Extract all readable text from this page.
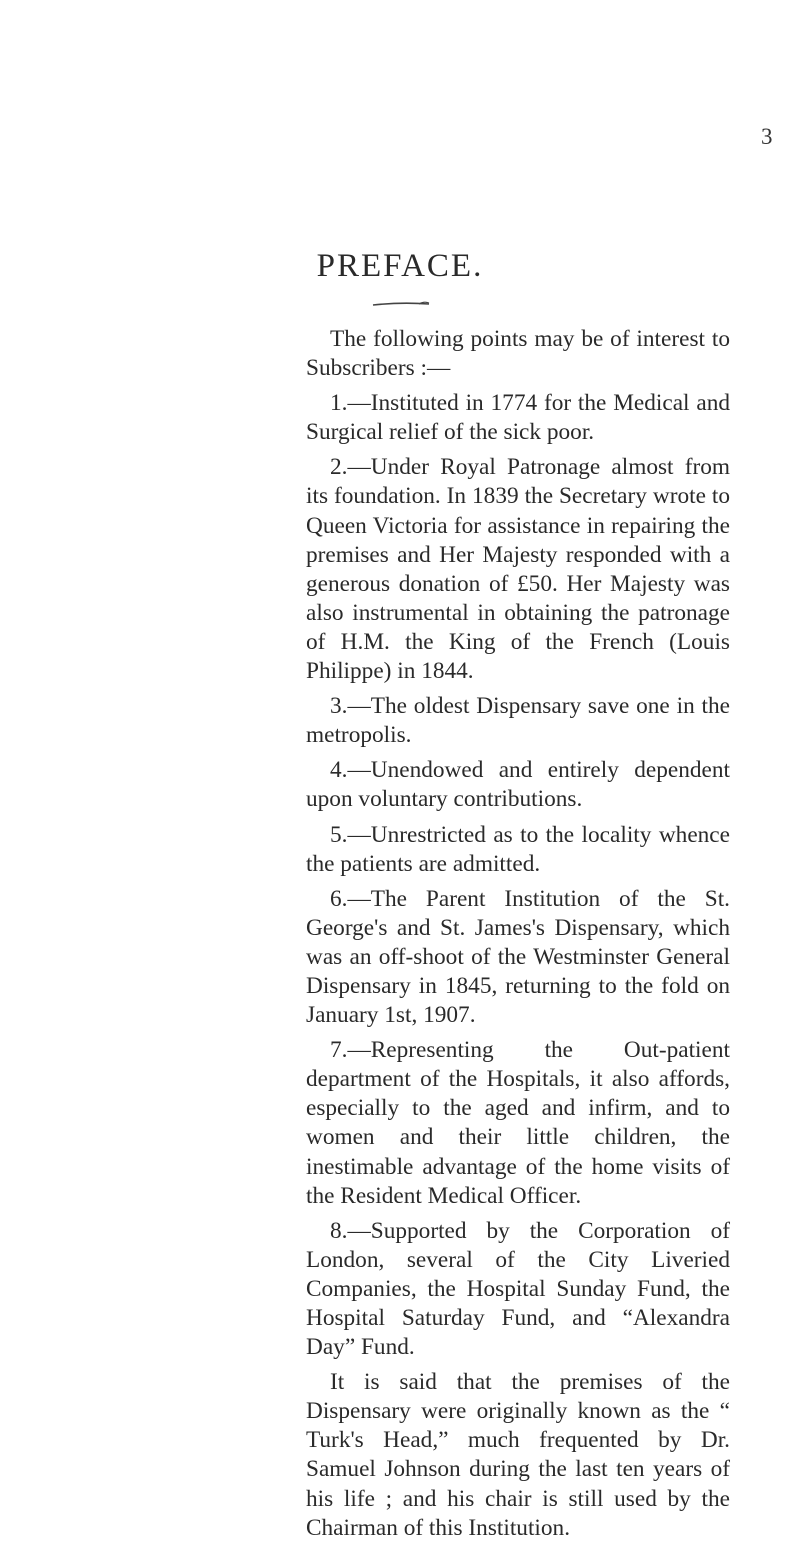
3
PREFACE.

The following points may be of interest to Subscribers :—

1.—Instituted in 1774 for the Medical and Surgical relief of the sick poor.

2.—Under Royal Patronage almost from its foundation. In 1839 the Secretary wrote to Queen Victoria for assistance in repairing the premises and Her Majesty responded with a generous donation of £50. Her Majesty was also instrumental in obtaining the patronage of H.M. the King of the French (Louis Philippe) in 1844.

3.—The oldest Dispensary save one in the metropolis.

4.—Unendowed and entirely dependent upon voluntary contributions.

5.—Unrestricted as to the locality whence the patients are admitted.

6.—The Parent Institution of the St. George's and St. James's Dispensary, which was an off-shoot of the Westminster General Dispensary in 1845, returning to the fold on January 1st, 1907.

7.—Representing the Out-patient department of the Hospitals, it also affords, especially to the aged and infirm, and to women and their little children, the inestimable advantage of the home visits of the Resident Medical Officer.

8.—Supported by the Corporation of London, several of the City Liveried Companies, the Hospital Sunday Fund, the Hospital Saturday Fund, and “Alexandra Day” Fund.

It is said that the premises of the Dispensary were originally known as the “ Turk's Head,” much frequented by Dr. Samuel Johnson during the last ten years of his life ; and his chair is still used by the Chairman of this Institution.
